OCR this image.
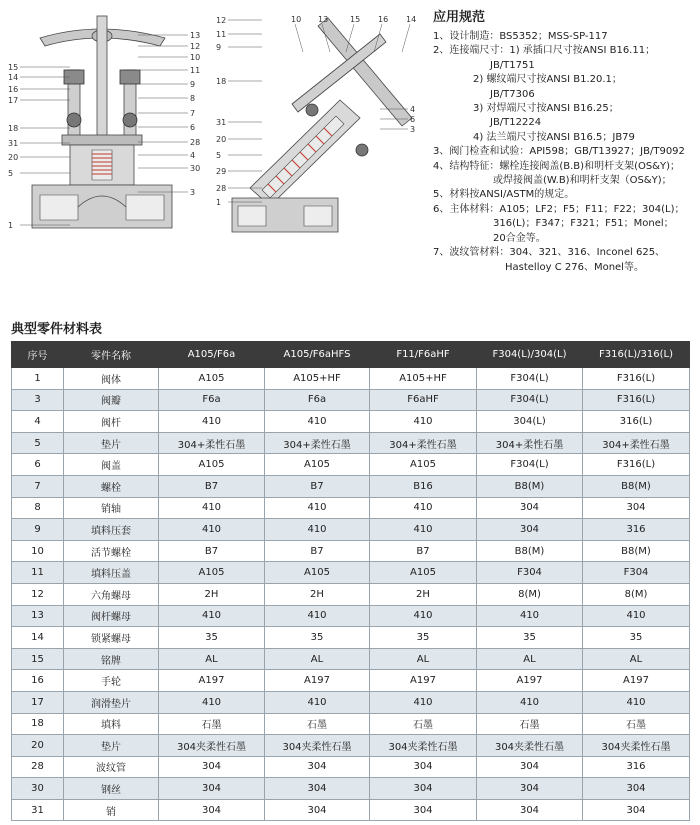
15
14
16
17
18
31
20
5
1
13
12
10
11
9
8
7
6
28
4
30
3
12
11
9
18
31
20
5
29
28
1
10 13	15 16 14
4
6
3
应用规范
1、设计制造：BS5352；MSS-SP-117
2、连接端尺寸：1) 承插口尺寸按ANSI B16.11；
JB/T1751
2) 螺纹端尺寸按ANSI B1.20.1；
JB/T7306
3) 对焊端尺寸按ANSI B16.25；
JB/T12224
4) 法兰端尺寸按ANSI B16.5；JB79
3、阀门检查和试验：API598；GB/T13927；JB/T9092
4、结构特征：螺栓连接阀盖(B.B)和明杆支架(OS&Y)；
或焊接阀盖(W.B)和明杆支架（OS&Y)；
5、材料按ANSI/ASTM的规定。
6、主体材料：A105；LF2；F5；F11；F22；304(L)；
316(L)；F347；F321；F51；Monel；
20合金等。
7、波纹管材料：304、321、316、Inconel 625、
Hastelloy C 276、Monel等。
典型零件材料表
序号	零件名称	A105/F6a	A105/F6aHFS	F11/F6aHF	F304(L)/304(L)	F316(L)/316(L)
1	阀体	A105	A105+HF	A105+HF	F304(L)	F316(L)
3	阀瓣	F6a	F6a	F6aHF	F304(L)	F316(L)
4	阀杆	410	410	410	304(L)	316(L)
5	垫片	304+柔性石墨	304+柔性石墨	304+柔性石墨	304+柔性石墨	304+柔性石墨
6	阀盖	A105	A105	A105	F304(L)	F316(L)
7	螺栓	B7	B7	B16	B8(M)	B8(M)
8	销轴	410	410	410	304	304
9	填料压套	410	410	410	304	316
10	活节螺栓	B7	B7	B7	B8(M)	B8(M)
11	填料压盖	A105	A105	A105	F304	F304
12	六角螺母	2H	2H	2H	8(M)	8(M)
13	阀杆螺母	410	410	410	410	410
14	锁紧螺母	35	35	35	35	35
15	铭牌	AL	AL	AL	AL	AL
16	手轮	A197	A197	A197	A197	A197
17	润滑垫片	410	410	410	410	410
18	填料	石墨	石墨	石墨	石墨	石墨
20	垫片	304夹柔性石墨	304夹柔性石墨	304夹柔性石墨	304夹柔性石墨	304夹柔性石墨
28	波纹管	304	304	304	304	316
30	钢丝	304	304	304	304	304
31	销	304	304	304	304	304
